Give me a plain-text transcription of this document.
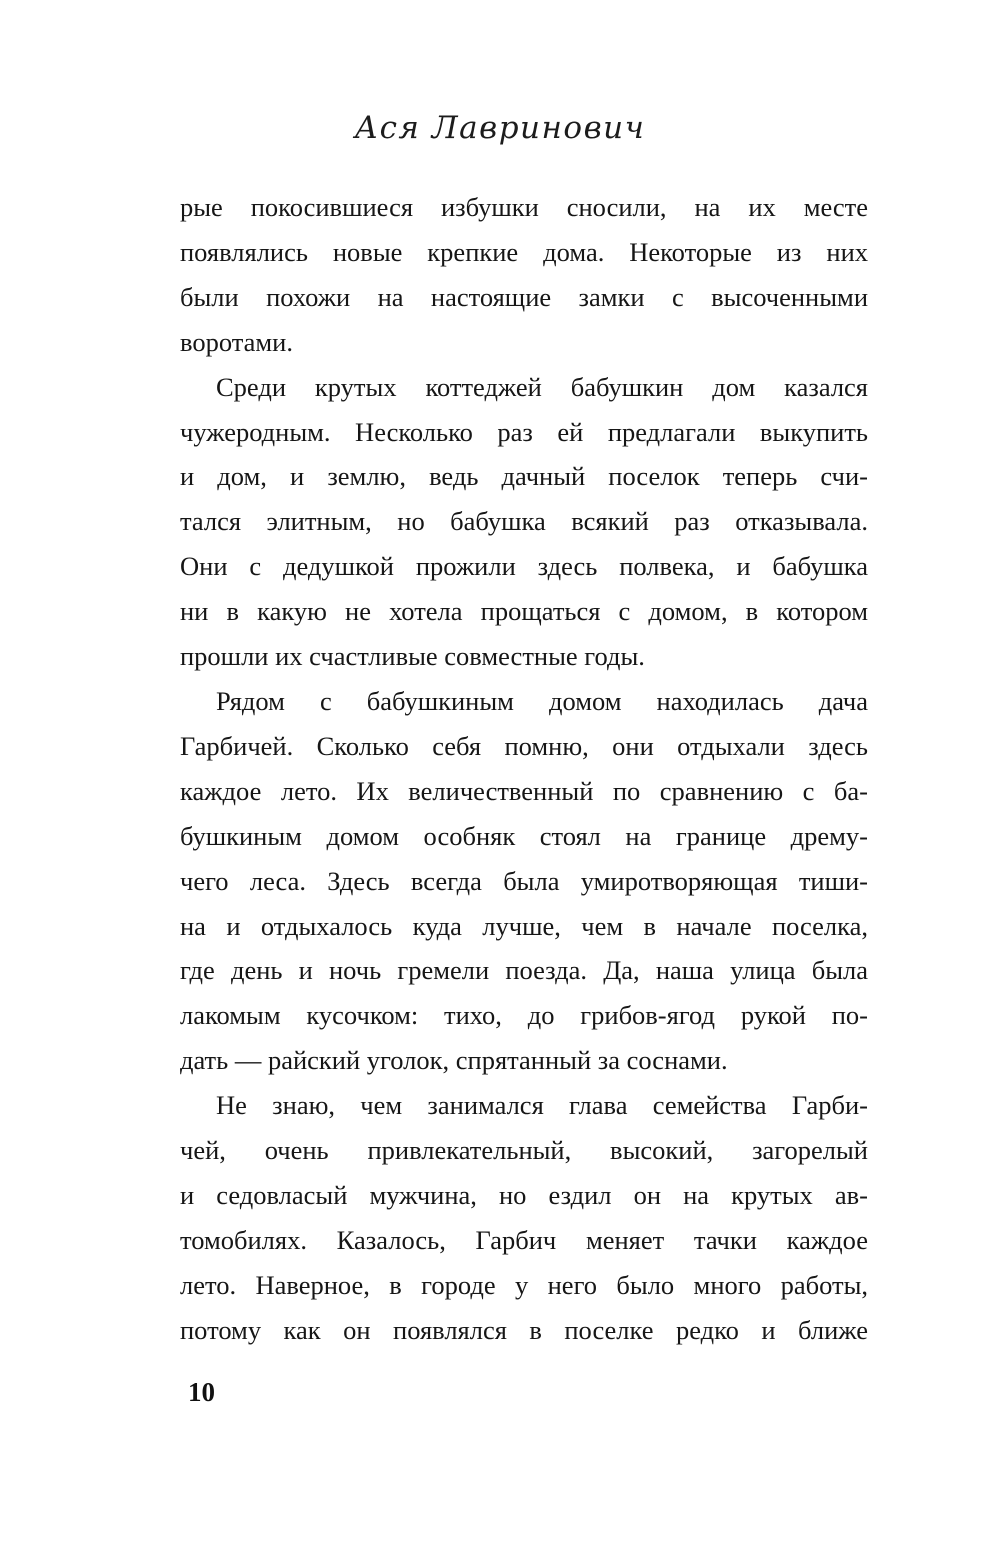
Ася Лавринович
рые покосившиеся избушки сносили, на их месте
появлялись новые крепкие дома. Некоторые из них
были похожи на настоящие замки с высоченными
воротами.
Среди крутых коттеджей бабушкин дом казался
чужеродным. Несколько раз ей предлагали выкупить
и дом, и землю, ведь дачный поселок теперь счи-
тался элитным, но бабушка всякий раз отказывала.
Они с дедушкой прожили здесь полвека, и бабушка
ни в какую не хотела прощаться с домом, в котором
прошли их счастливые совместные годы.
Рядом с бабушкиным домом находилась дача
Гарбичей. Сколько себя помню, они отдыхали здесь
каждое лето. Их величественный по сравнению с ба-
бушкиным домом особняк стоял на границе дрему-
чего леса. Здесь всегда была умиротворяющая тиши-
на и отдыхалось куда лучше, чем в начале поселка,
где день и ночь гремели поезда. Да, наша улица была
лакомым кусочком: тихо, до грибов-ягод рукой по-
дать — райский уголок, спрятанный за соснами.
Не знаю, чем занимался глава семейства Гарби-
чей, очень привлекательный, высокий, загорелый
и седовласый мужчина, но ездил он на крутых ав-
томобилях. Казалось, Гарбич меняет тачки каждое
лето. Наверное, в городе у него было много работы,
потому как он появлялся в поселке редко и ближе
10
